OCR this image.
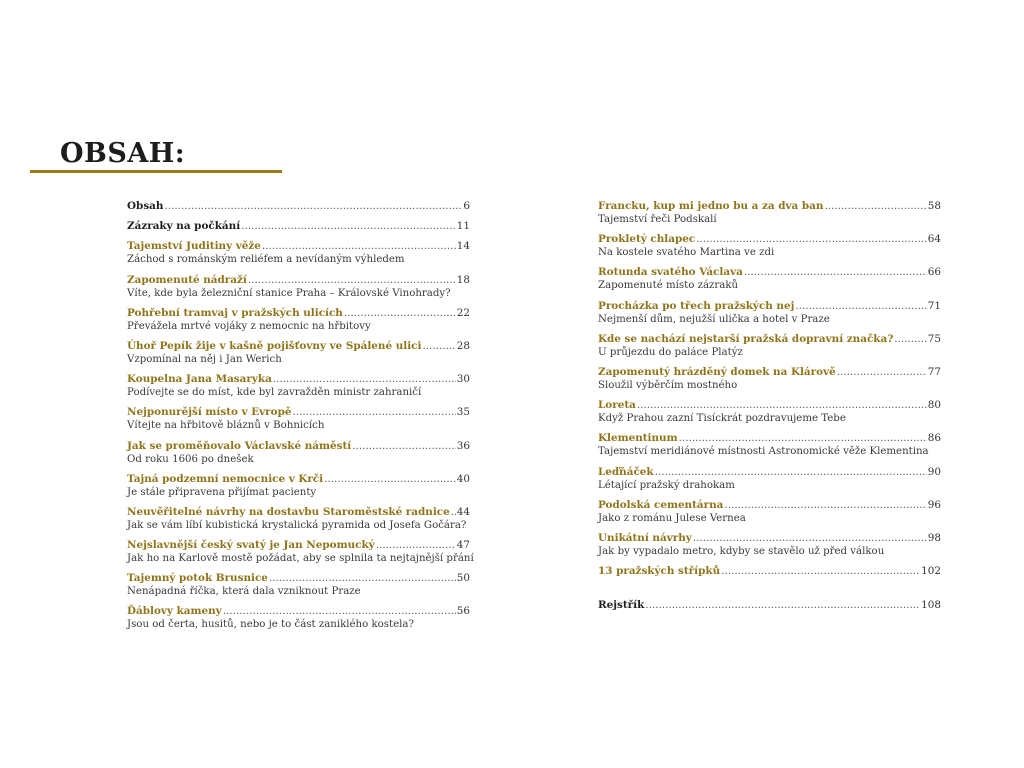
OBSAH:
Obsah .....	6
Zázraky na počkání .....	11
Tajemství Juditiny věže .....	14
Záchod s románským reliéfem a nevídaným výhledem
Zapomenuté nádraží .....	18
Víte, kde byla železniční stanice Praha – Královské Vinohrady?
Pohřební tramvaj v pražských ulicích .....	22
Převážela mrtvé vojáky z nemocnic na hřbitovy
Úhoř Pepík žije v kašně pojišťovny ve Spálené ulici .....	28
Vzpomínal na něj i Jan Werich
Koupelna Jana Masaryka .....	30
Podívejte se do míst, kde byl zavražděn ministr zahraničí
Nejponurější místo v Evropě .....	35
Vítejte na hřbitově bláznů v Bohnicích
Jak se proměňovalo Václavské náměstí .....	36
Od roku 1606 po dnešek
Tajná podzemní nemocnice v Krči .....	40
Je stále připravena přijímat pacienty
Neuvěřitelné návrhy na dostavbu Staroměstské radnice ..... 44
Jak se vám líbí kubistická krystalická pyramida od Josefa Gočára?
Nejslavnější český svatý je Jan Nepomucký .....	47
Jak ho na Karlově mostě požádat, aby se splnila ta nejtajnější přání
Tajemný potok Brusnice .....	50
Nenápadná říčka, která dala vzniknout Praze
Ďáblovy kameny .....	56
Jsou od čerta, husitů, nebo je to část zaniklého kostela?
Francku, kup mi jedno bu a za dva ban .....	58
Tajemství řeči Podskalí
Prokletý chlapec .....	64
Na kostele svatého Martina ve zdi
Rotunda svatého Václava .....	66
Zapomenuté místo zázraků
Procházka po třech pražských nej .....	71
Nejmenší dům, nejužší ulička a hotel v Praze
Kde se nachází nejstarší pražská dopravní značka? .....	75
U průjezdu do paláce Platýz
Zapomenutý hrázděný domek na Klárově .....	77
Sloužil výběrčím mostného
Loreta .....	80
Když Prahou zazní Tisíckrát pozdravujeme Tebe
Klementinum .....	86
Tajemství meridiánové místnosti Astronomické věže Klementina
Leďňáček .....	90
Létající pražský drahokam
Podolská cementárna .....	96
Jako z románu Julese Vernea
Unikátní návrhy .....	98
Jak by vypadalo metro, kdyby se stavělo už před válkou
13 pražských střípků .....	102
Rejstřík .....	108
